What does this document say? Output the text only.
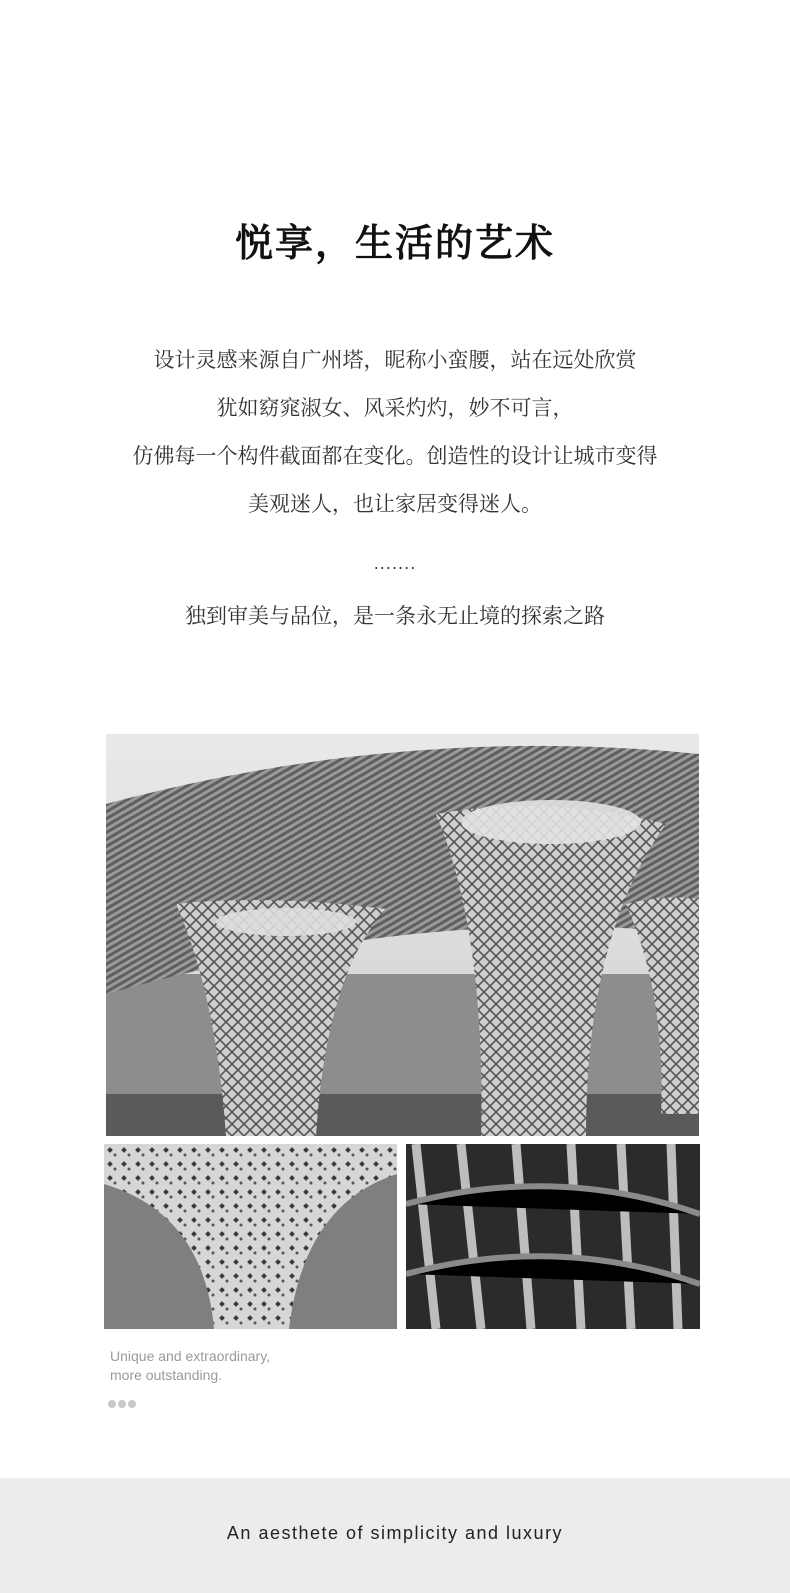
悦享，生活的艺术
设计灵感来源自广州塔，昵称小蛮腰，站在远处欣赏
犹如窈窕淑女、风采灼灼，妙不可言，
仿佛每一个构件截面都在变化。创造性的设计让城市变得
美观迷人，也让家居变得迷人。
.......
独到审美与品位，是一条永无止境的探索之路
Unique and extraordinary,
more outstanding.
An aesthete of simplicity and luxury
